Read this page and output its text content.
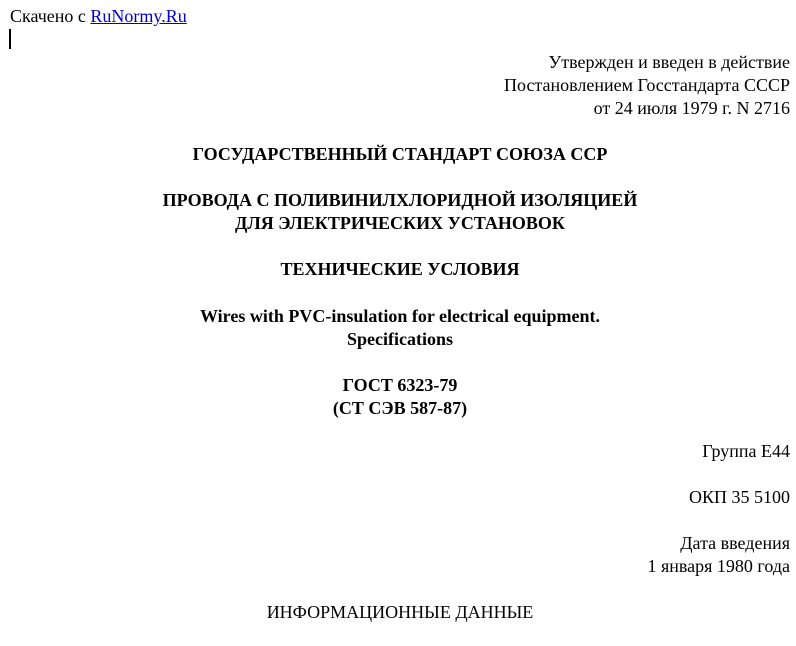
Скачено с RuNormy.Ru
Утвержден и введен в действие
Постановлением Госстандарта СССР
от 24 июля 1979 г. N 2716
ГОСУДАРСТВЕННЫЙ СТАНДАРТ СОЮЗА ССР
ПРОВОДА С ПОЛИВИНИЛХЛОРИДНОЙ ИЗОЛЯЦИЕЙ
ДЛЯ ЭЛЕКТРИЧЕСКИХ УСТАНОВОК
ТЕХНИЧЕСКИЕ УСЛОВИЯ
Wires with PVC-insulation for electrical equipment.
Specifications
ГОСТ 6323-79
(СТ СЭВ 587-87)
Группа Е44
ОКП 35 5100
Дата введения
1 января 1980 года
ИНФОРМАЦИОННЫЕ ДАННЫЕ
